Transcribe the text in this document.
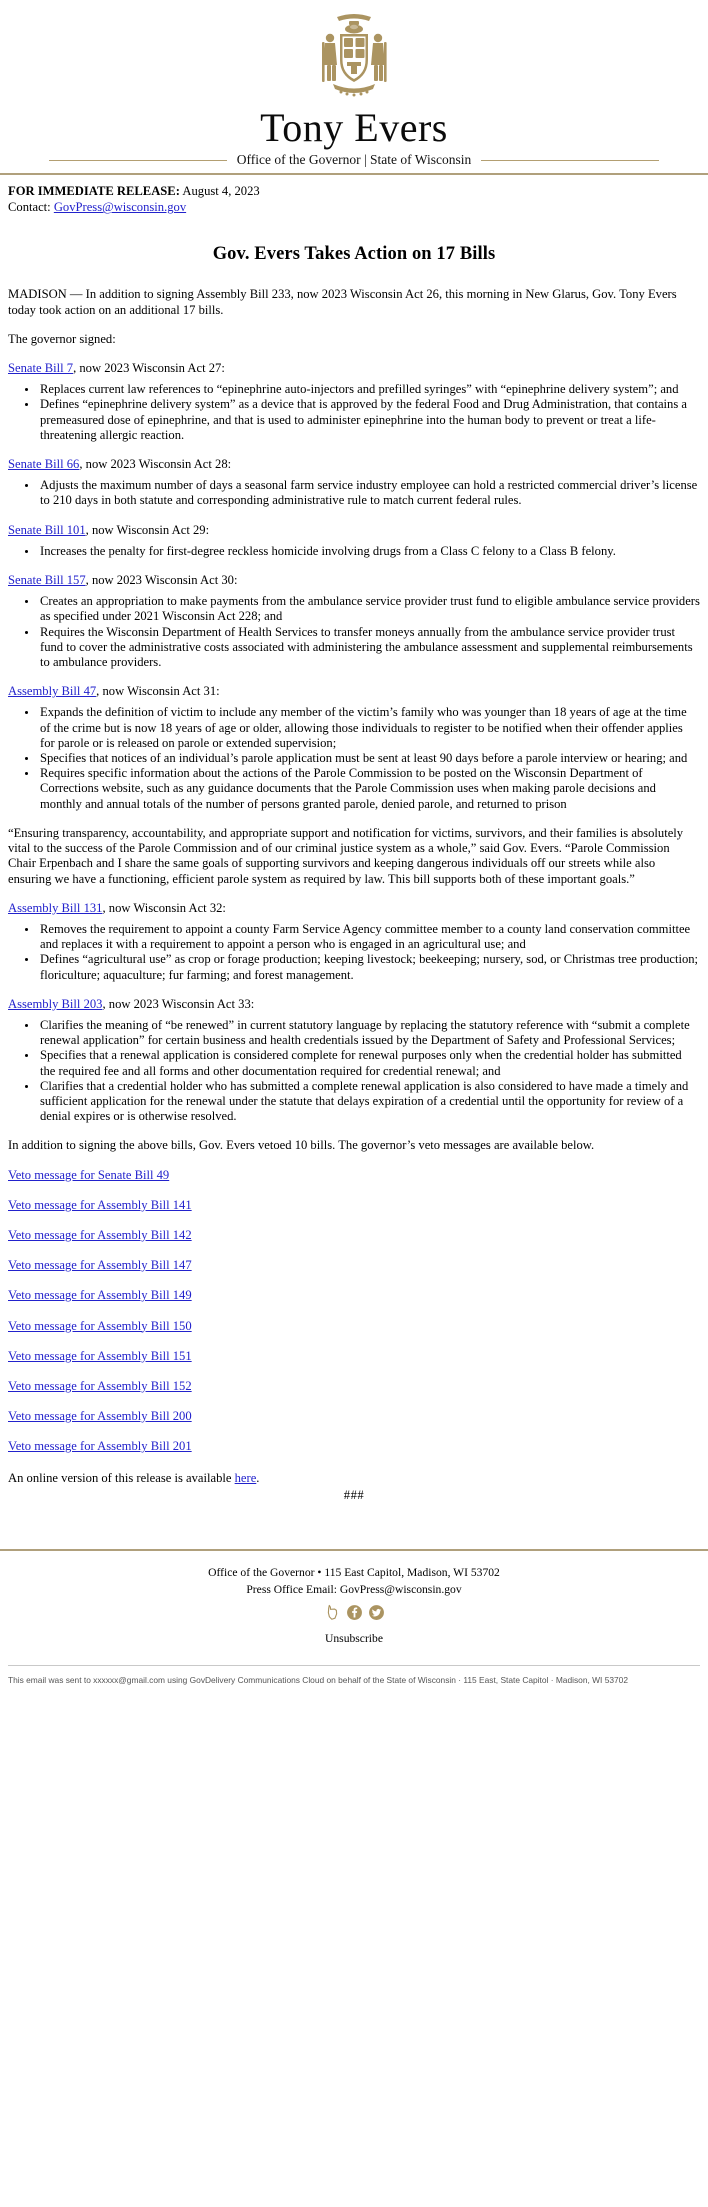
Tony Evers
Office of the Governor | State of Wisconsin

FOR IMMEDIATE RELEASE: August 4, 2023

Contact: GovPress@wisconsin.gov

Gov. Evers Takes Action on 17 Bills

MADISON — In addition to signing Assembly Bill 233, now 2023 Wisconsin Act 26, this morning in New Glarus, Gov. Tony Evers today took action on an additional 17 bills.

The governor signed:

Senate Bill 7, now 2023 Wisconsin Act 27:

• Replaces current law references to “epinephrine auto-injectors and prefilled syringes” with “epinephrine delivery system”; and
• Defines “epinephrine delivery system” as a device that is approved by the federal Food and Drug Administration, that contains a premeasured dose of epinephrine, and that is used to administer epinephrine into the human body to prevent or treat a life-threatening allergic reaction.

Senate Bill 66, now 2023 Wisconsin Act 28:

• Adjusts the maximum number of days a seasonal farm service industry employee can hold a restricted commercial driver’s license to 210 days in both statute and corresponding administrative rule to match current federal rules.

Senate Bill 101, now Wisconsin Act 29:

• Increases the penalty for first-degree reckless homicide involving drugs from a Class C felony to a Class B felony.

Senate Bill 157, now 2023 Wisconsin Act 30:

• Creates an appropriation to make payments from the ambulance service provider trust fund to eligible ambulance service providers as specified under 2021 Wisconsin Act 228; and
• Requires the Wisconsin Department of Health Services to transfer moneys annually from the ambulance service provider trust fund to cover the administrative costs associated with administering the ambulance assessment and supplemental reimbursements to ambulance providers.

Assembly Bill 47, now Wisconsin Act 31:

• Expands the definition of victim to include any member of the victim’s family who was younger than 18 years of age at the time of the crime but is now 18 years of age or older, allowing those individuals to register to be notified when their offender applies for parole or is released on parole or extended supervision;
• Specifies that notices of an individual’s parole application must be sent at least 90 days before a parole interview or hearing; and
• Requires specific information about the actions of the Parole Commission to be posted on the Wisconsin Department of Corrections website, such as any guidance documents that the Parole Commission uses when making parole decisions and monthly and annual totals of the number of persons granted parole, denied parole, and returned to prison

“Ensuring transparency, accountability, and appropriate support and notification for victims, survivors, and their families is absolutely vital to the success of the Parole Commission and of our criminal justice system as a whole,” said Gov. Evers. “Parole Commission Chair Erpenbach and I share the same goals of supporting survivors and keeping dangerous individuals off our streets while also ensuring we have a functioning, efficient parole system as required by law. This bill supports both of these important goals.”

Assembly Bill 131, now Wisconsin Act 32:

• Removes the requirement to appoint a county Farm Service Agency committee member to a county land conservation committee and replaces it with a requirement to appoint a person who is engaged in an agricultural use; and
• Defines “agricultural use” as crop or forage production; keeping livestock; beekeeping; nursery, sod, or Christmas tree production; floriculture; aquaculture; fur farming; and forest management.

Assembly Bill 203, now 2023 Wisconsin Act 33:

• Clarifies the meaning of “be renewed” in current statutory language by replacing the statutory reference with “submit a complete renewal application” for certain business and health credentials issued by the Department of Safety and Professional Services;
• Specifies that a renewal application is considered complete for renewal purposes only when the credential holder has submitted the required fee and all forms and other documentation required for credential renewal; and
• Clarifies that a credential holder who has submitted a complete renewal application is also considered to have made a timely and sufficient application for the renewal under the statute that delays expiration of a credential until the opportunity for review of a denial expires or is otherwise resolved.

In addition to signing the above bills, Gov. Evers vetoed 10 bills. The governor’s veto messages are available below.

Veto message for Senate Bill 49

Veto message for Assembly Bill 141

Veto message for Assembly Bill 142

Veto message for Assembly Bill 147

Veto message for Assembly Bill 149

Veto message for Assembly Bill 150

Veto message for Assembly Bill 151

Veto message for Assembly Bill 152

Veto message for Assembly Bill 200

Veto message for Assembly Bill 201

An online version of this release is available here.

###

Office of the Governor • 115 East Capitol, Madison, WI 53702
Press Office Email: GovPress@wisconsin.gov
Unsubscribe
This email was sent to xxxxxx@gmail.com using GovDelivery Communications Cloud on behalf of the State of Wisconsin · 115 East, State Capitol · Madison, WI 53702
